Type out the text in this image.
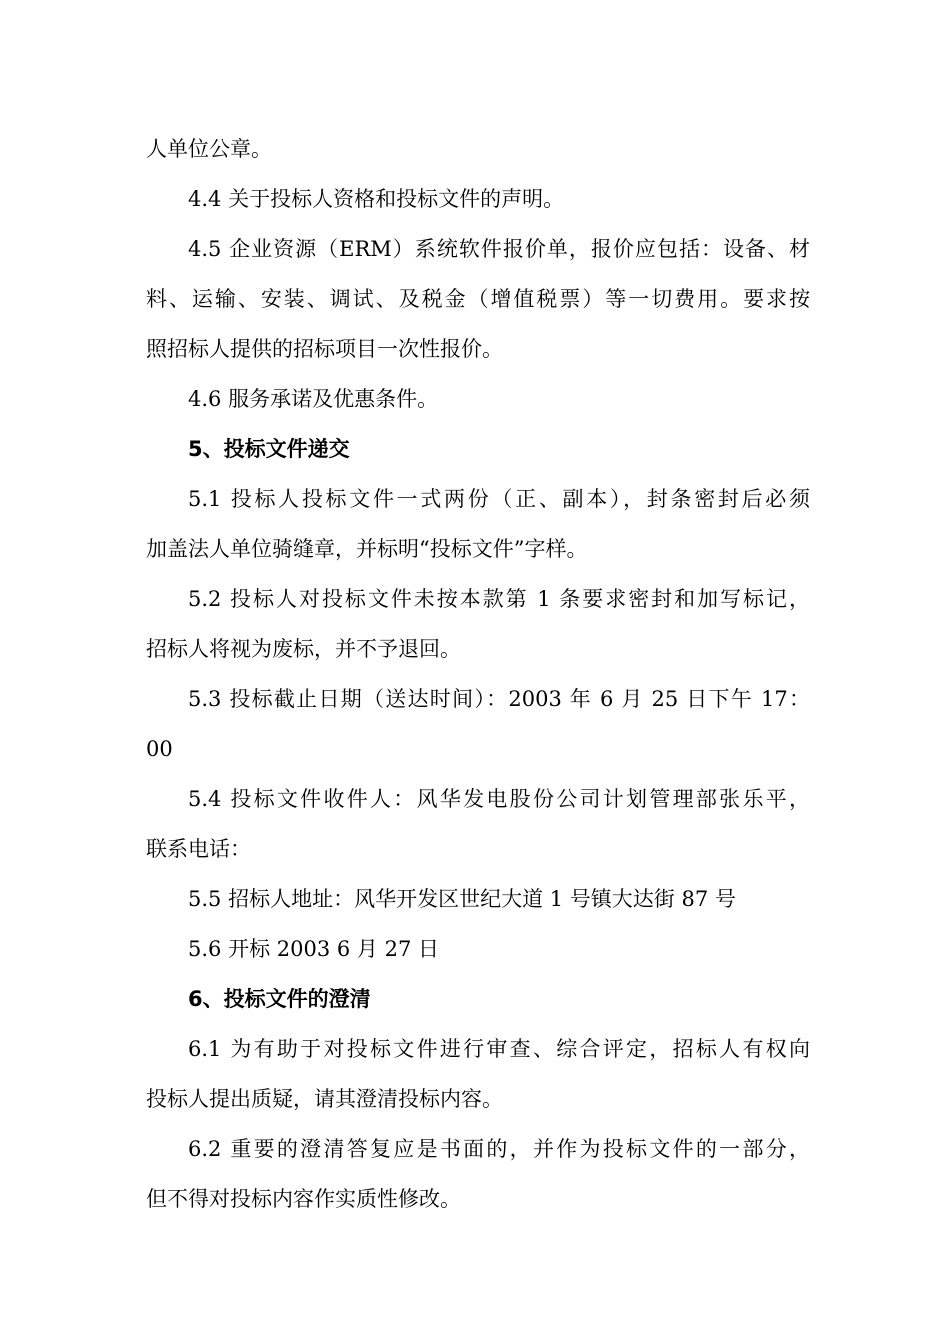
人单位公章。
4.4 关于投标人资格和投标文件的声明。
4.5 企业资源（ERM）系统软件报价单，报价应包括：设备、材
料、运输、安装、调试、及税金（增值税票）等一切费用。要求按
照招标人提供的招标项目一次性报价。
4.6 服务承诺及优惠条件。
5、投标文件递交
5.1 投标人投标文件一式两份（正、副本），封条密封后必须
加盖法人单位骑缝章，并标明“投标文件”字样。
5.2 投标人对投标文件未按本款第 1 条要求密封和加写标记，
招标人将视为废标，并不予退回。
5.3 投标截止日期（送达时间）：2003 年 6 月 25 日下午 17：
00
5.4 投标文件收件人：风华发电股份公司计划管理部张乐平，
联系电话：
5.5 招标人地址：风华开发区世纪大道 1 号镇大达街 87 号
5.6 开标 2003 6 月 27 日
6、投标文件的澄清
6.1 为有助于对投标文件进行审查、综合评定，招标人有权向
投标人提出质疑，请其澄清投标内容。
6.2 重要的澄清答复应是书面的，并作为投标文件的一部分，
但不得对投标内容作实质性修改。
